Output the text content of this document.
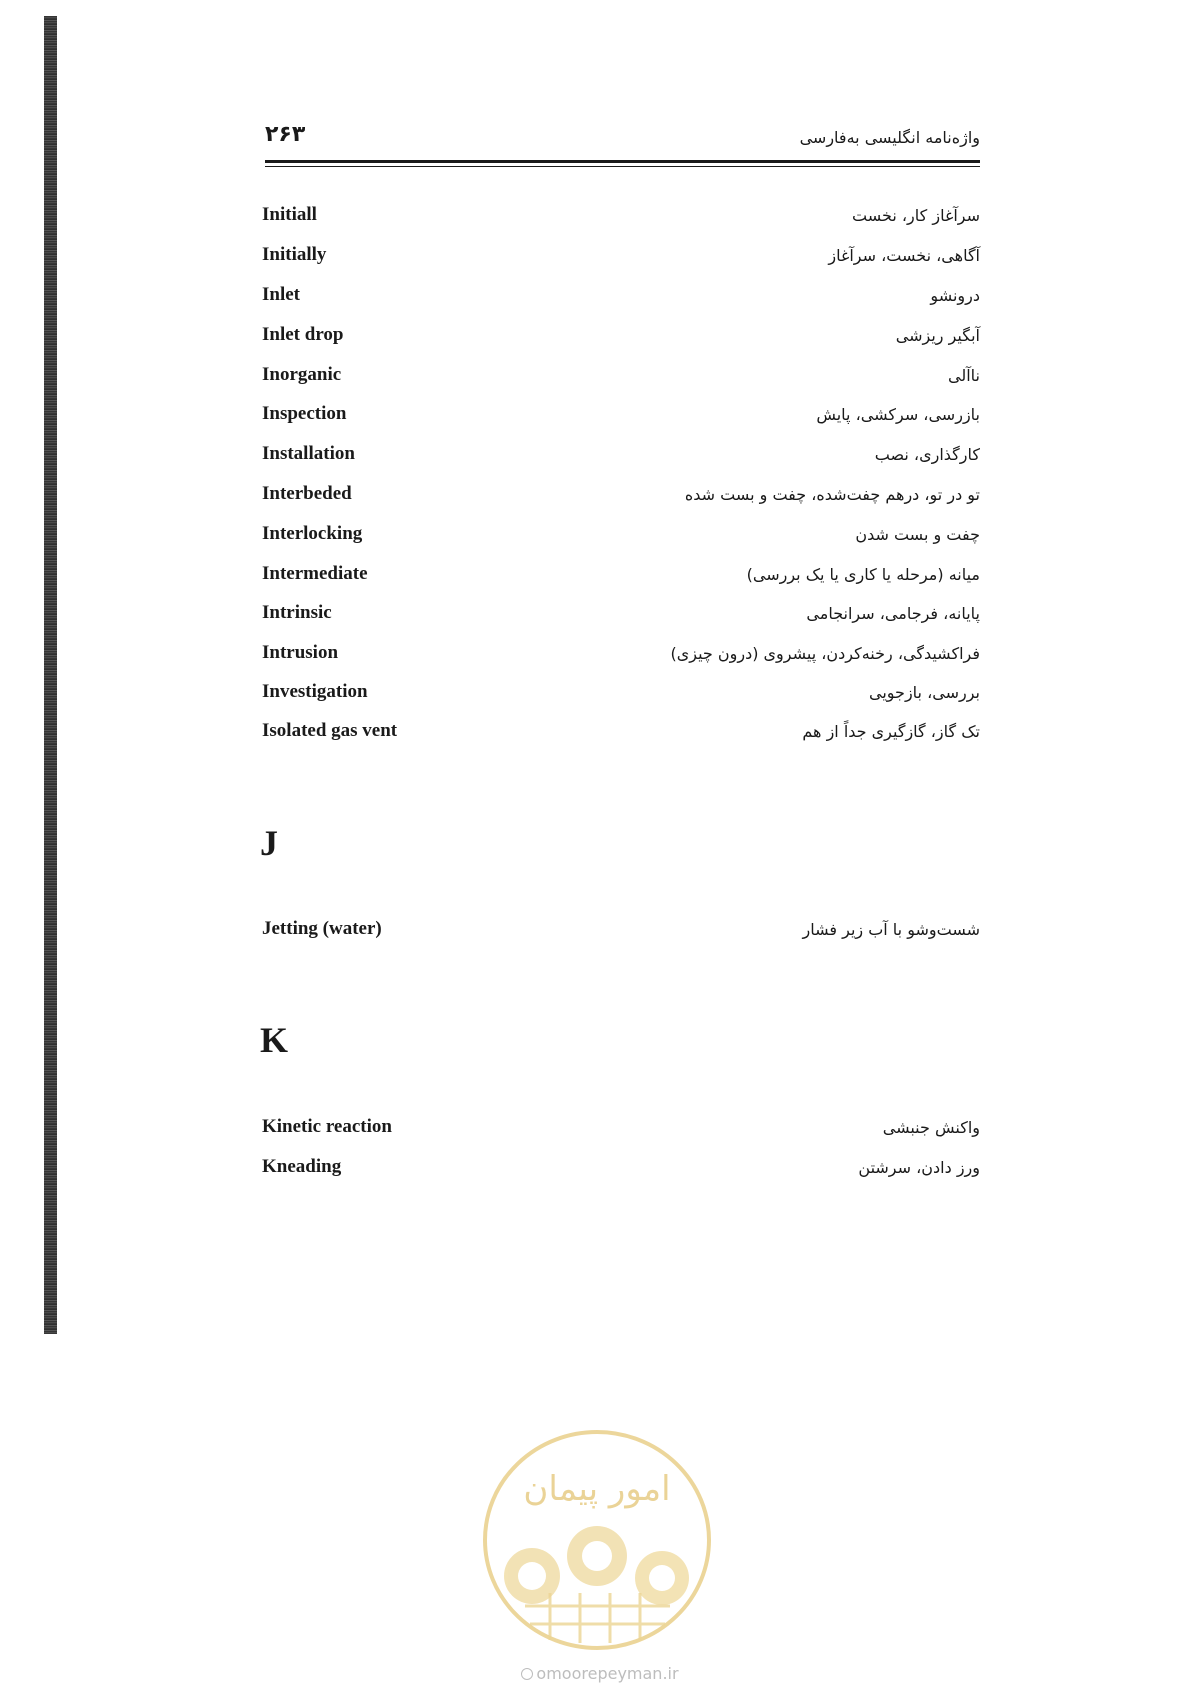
۲۶۳	واژه‌نامه انگلیسی به‌فارسی
Initiall	سرآغاز کار، نخست
Initially	آگاهی، نخست، سرآغاز
Inlet	درونشو
Inlet drop	آبگیر ریزشی
Inorganic	ناآلی
Inspection	بازرسی، سرکشی، پایش
Installation	کارگذاری، نصب
Interbeded	تو در تو، درهم چفت‌شده، چفت و بست شده
Interlocking	چفت و بست شدن
Intermediate	میانه (مرحله یا کاری یا یک بررسی)
Intrinsic	پایانه، فرجامی، سرانجامی
Intrusion	فراکشیدگی، رخنه‌کردن، پیشروی (درون چیزی)
Investigation	بررسی، بازجویی
Isolated gas vent	تک گاز، گازگیری جداً از هم
J
Jetting (water)	شست‌وشو با آب زیر فشار
K
Kinetic reaction	واکنش جنبشی
Kneading	ورز دادن، سرشتن
امور پیمان
omoorepeyman.ir
